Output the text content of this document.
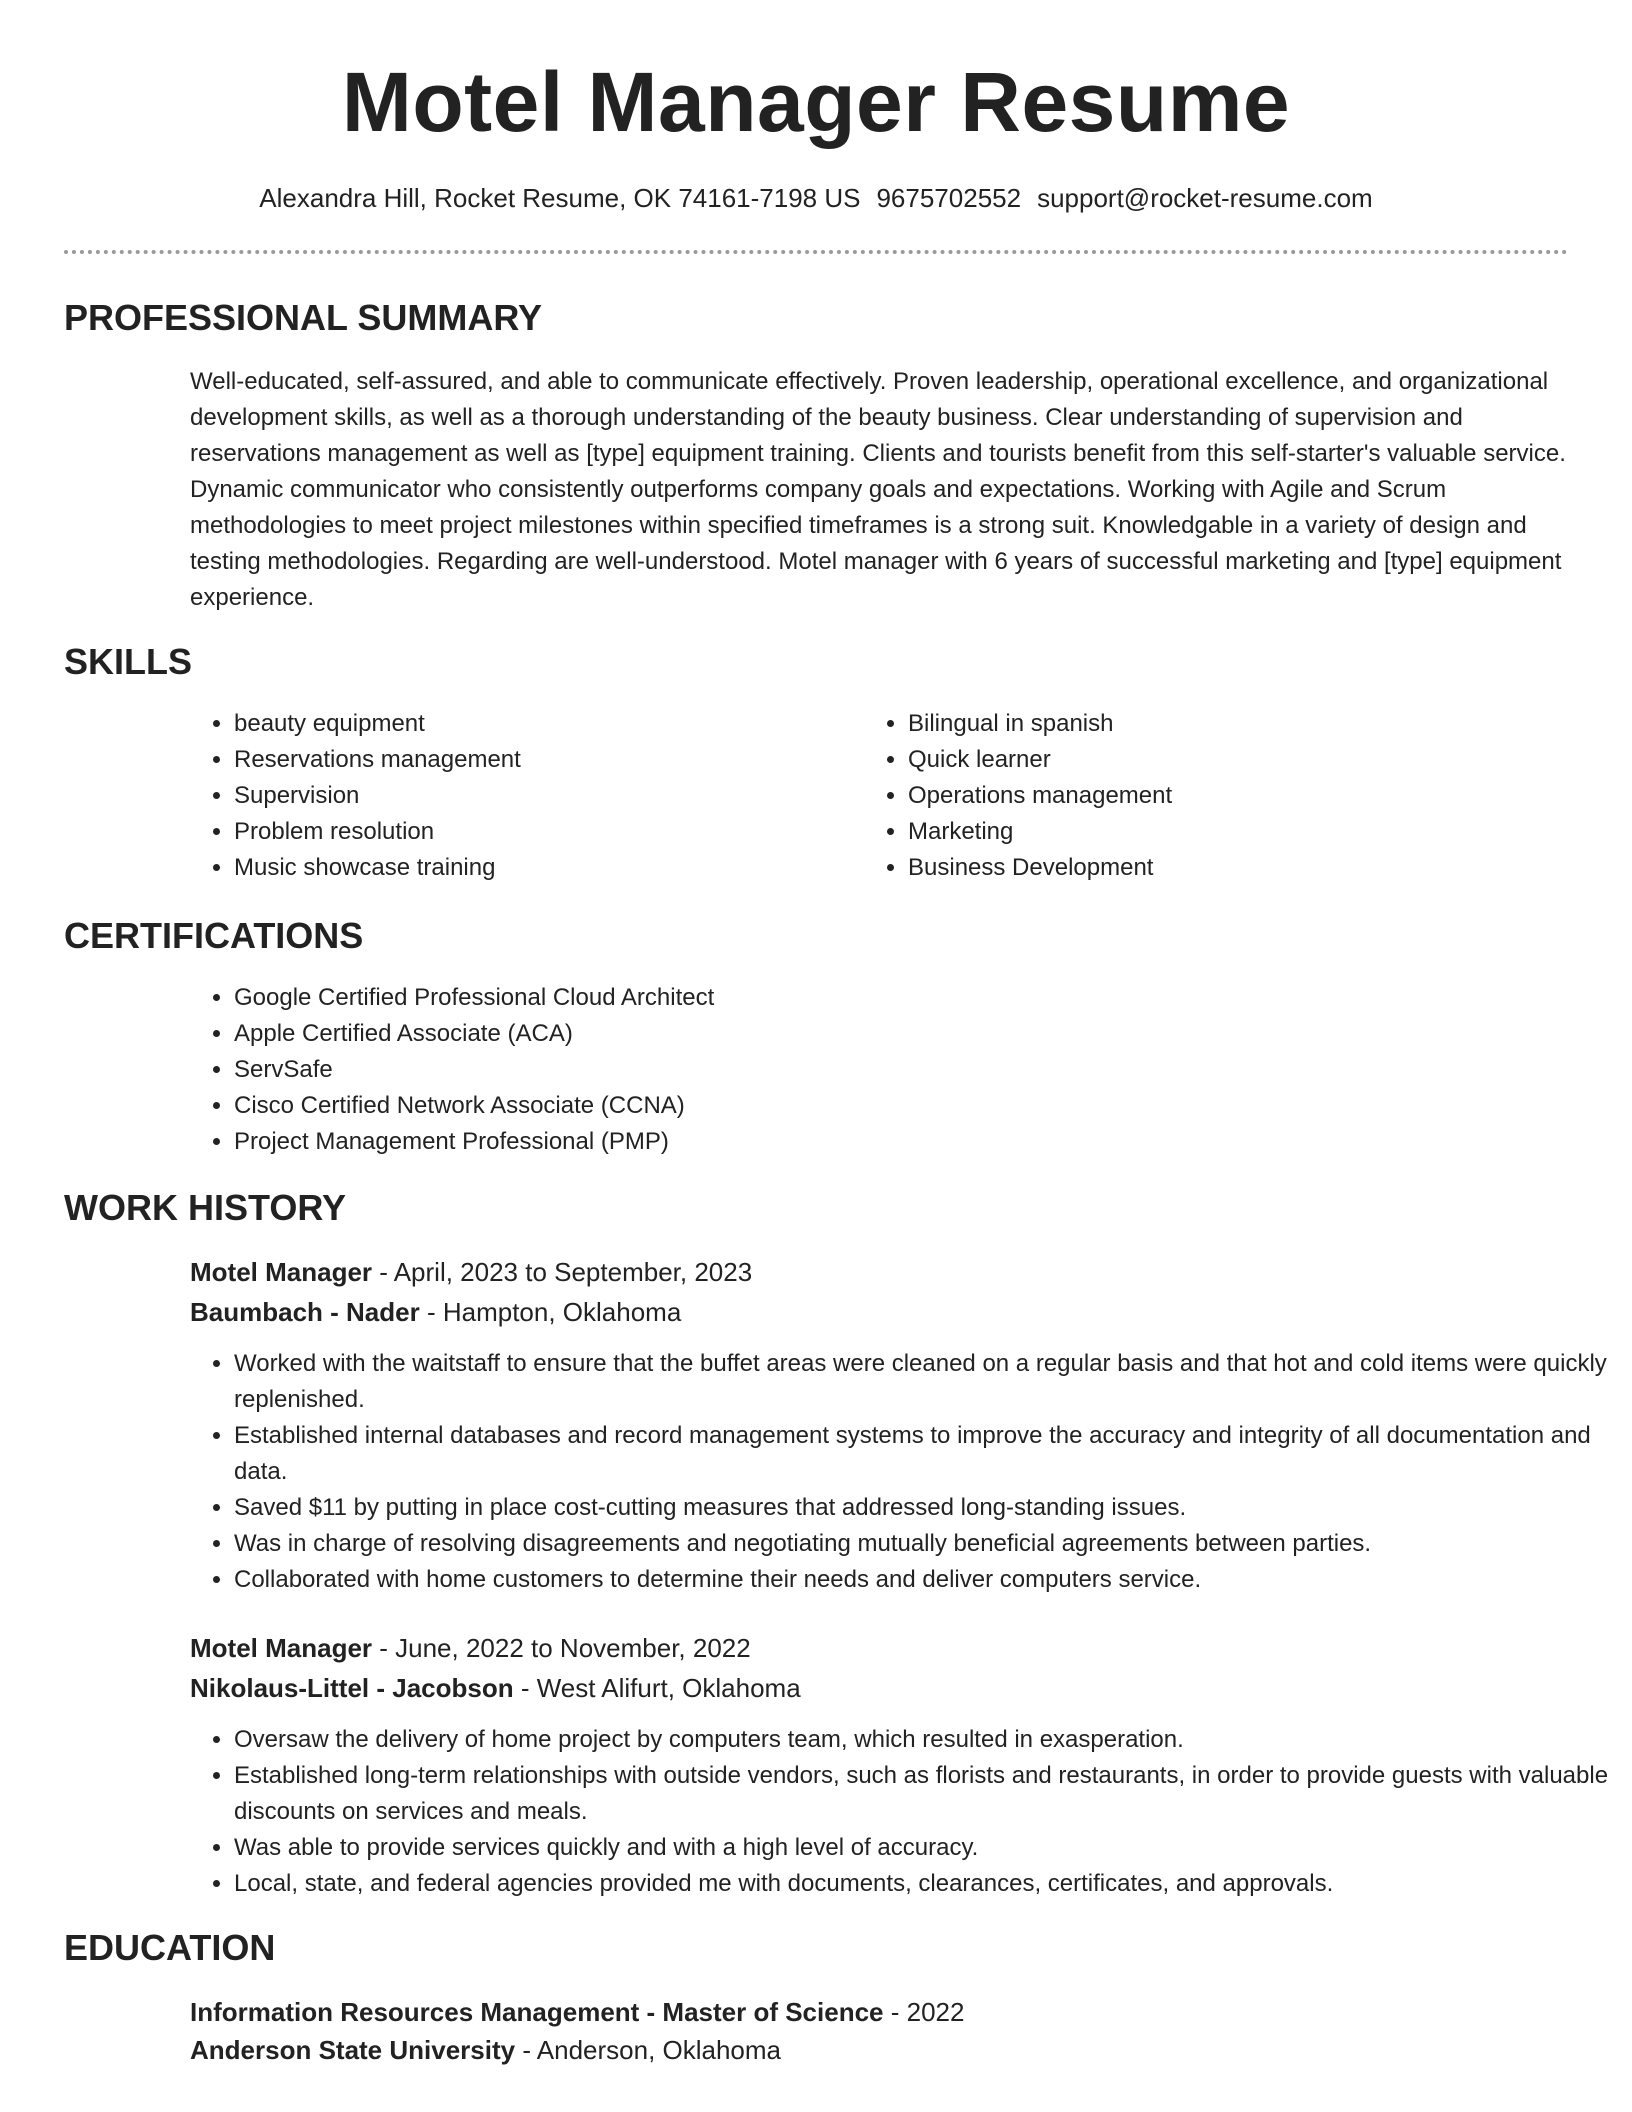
Motel Manager Resume
Alexandra Hill, Rocket Resume, OK 74161-7198 US 9675702552 support@rocket-resume.com
PROFESSIONAL SUMMARY
Well-educated, self-assured, and able to communicate effectively. Proven leadership, operational excellence, and organizational development skills, as well as a thorough understanding of the beauty business. Clear understanding of supervision and reservations management as well as [type] equipment training. Clients and tourists benefit from this self-starter's valuable service. Dynamic communicator who consistently outperforms company goals and expectations. Working with Agile and Scrum methodologies to meet project milestones within specified timeframes is a strong suit. Knowledgable in a variety of design and testing methodologies. Regarding are well-understood. Motel manager with 6 years of successful marketing and [type] equipment experience.
SKILLS
• beauty equipment
• Reservations management
• Supervision
• Problem resolution
• Music showcase training
• Bilingual in spanish
• Quick learner
• Operations management
• Marketing
• Business Development
CERTIFICATIONS
• Google Certified Professional Cloud Architect
• Apple Certified Associate (ACA)
• ServSafe
• Cisco Certified Network Associate (CCNA)
• Project Management Professional (PMP)
WORK HISTORY
Motel Manager - April, 2023 to September, 2023
Baumbach - Nader - Hampton, Oklahoma
• Worked with the waitstaff to ensure that the buffet areas were cleaned on a regular basis and that hot and cold items were quickly replenished.
• Established internal databases and record management systems to improve the accuracy and integrity of all documentation and data.
• Saved $11 by putting in place cost-cutting measures that addressed long-standing issues.
• Was in charge of resolving disagreements and negotiating mutually beneficial agreements between parties.
• Collaborated with home customers to determine their needs and deliver computers service.
Motel Manager - June, 2022 to November, 2022
Nikolaus-Littel - Jacobson - West Alifurt, Oklahoma
• Oversaw the delivery of home project by computers team, which resulted in exasperation.
• Established long-term relationships with outside vendors, such as florists and restaurants, in order to provide guests with valuable discounts on services and meals.
• Was able to provide services quickly and with a high level of accuracy.
• Local, state, and federal agencies provided me with documents, clearances, certificates, and approvals.
EDUCATION
Information Resources Management - Master of Science - 2022
Anderson State University - Anderson, Oklahoma
